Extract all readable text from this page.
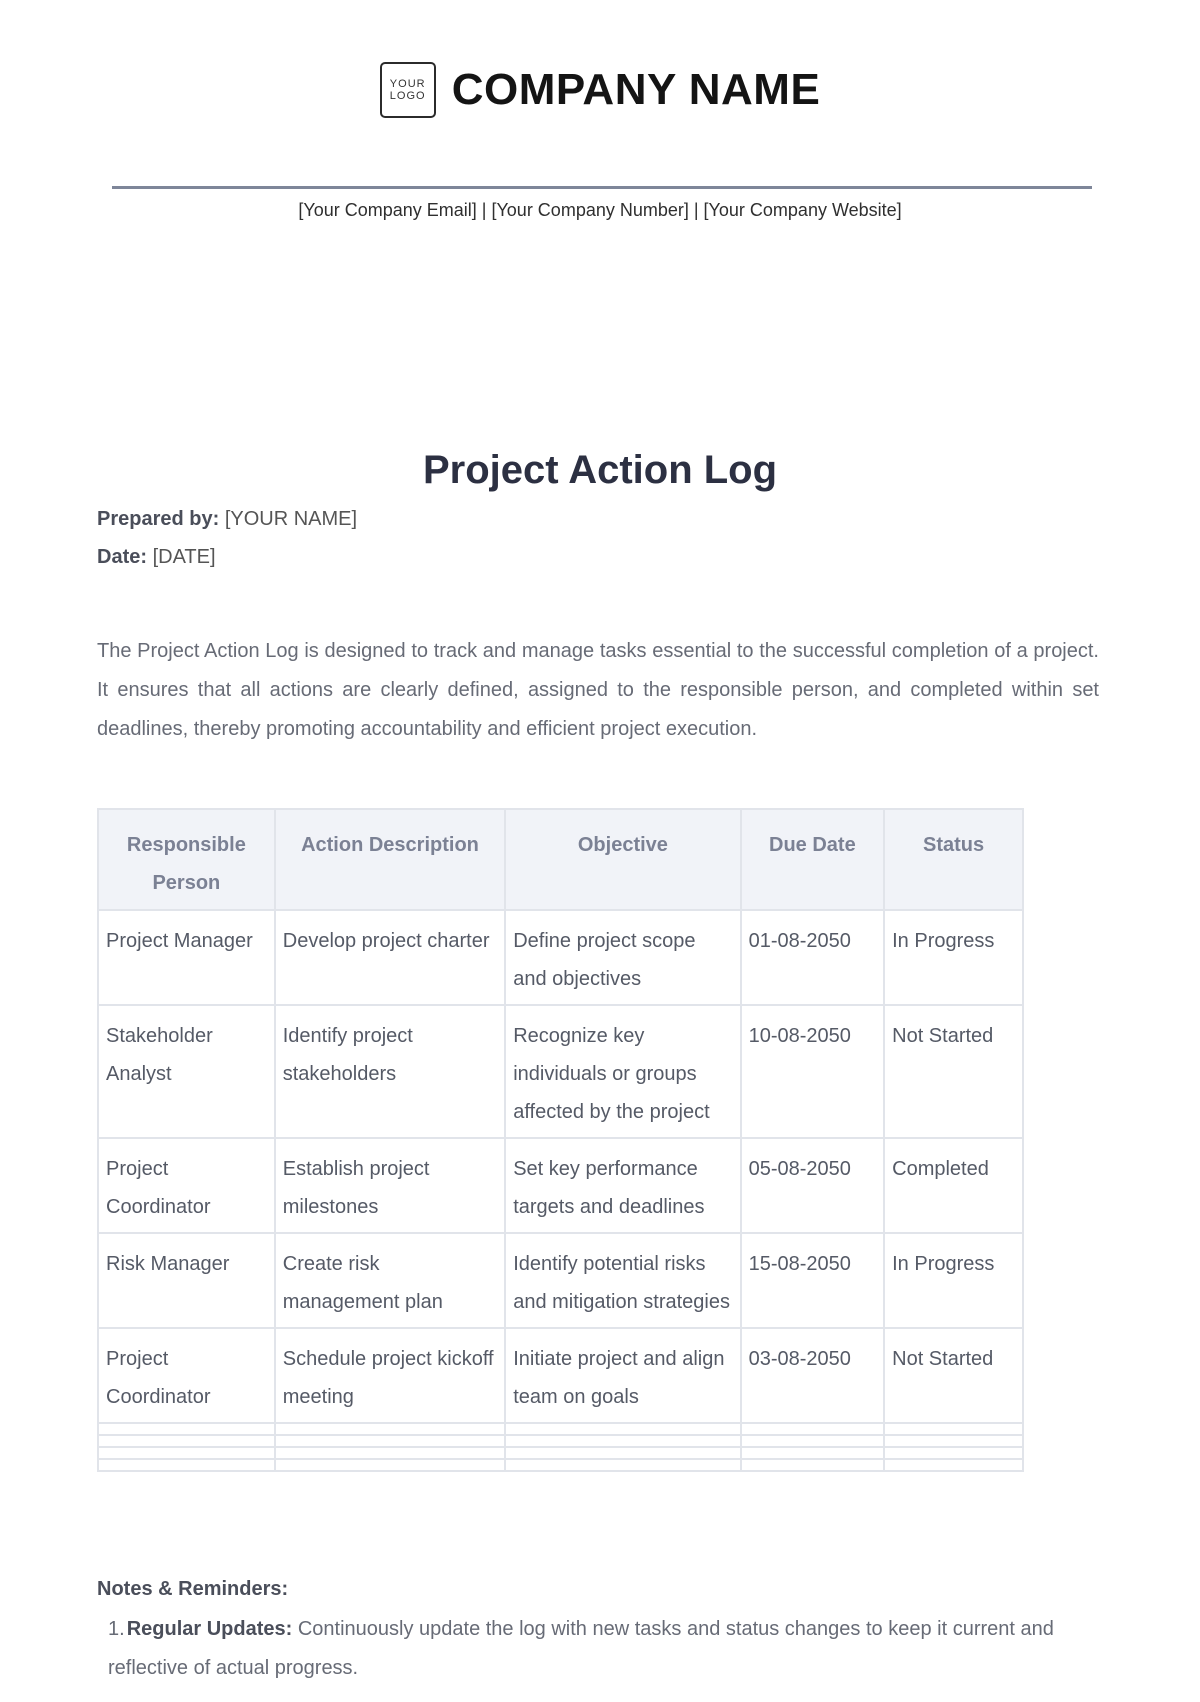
YOUR
LOGO COMPANY NAME
[Your Company Email] | [Your Company Number] | [Your Company Website]
Project Action Log
Prepared by: [YOUR NAME]
Date: [DATE]
The Project Action Log is designed to track and manage tasks essential to the successful completion of a project. It ensures that all actions are clearly defined, assigned to the responsible person, and completed within set deadlines, thereby promoting accountability and efficient project execution.
Responsible Person	Action Description	Objective	Due Date	Status
Project Manager	Develop project charter	Define project scope and objectives	01-08-2050	In Progress
Stakeholder Analyst	Identify project stakeholders	Recognize key individuals or groups affected by the project	10-08-2050	Not Started
Project Coordinator	Establish project milestones	Set key performance targets and deadlines	05-08-2050	Completed
Risk Manager	Create risk management plan	Identify potential risks and mitigation strategies	15-08-2050	In Progress
Project Coordinator	Schedule project kickoff meeting	Initiate project and align team on goals	03-08-2050	Not Started

Notes & Reminders:
1. Regular Updates: Continuously update the log with new tasks and status changes to keep it current and reflective of actual progress.
